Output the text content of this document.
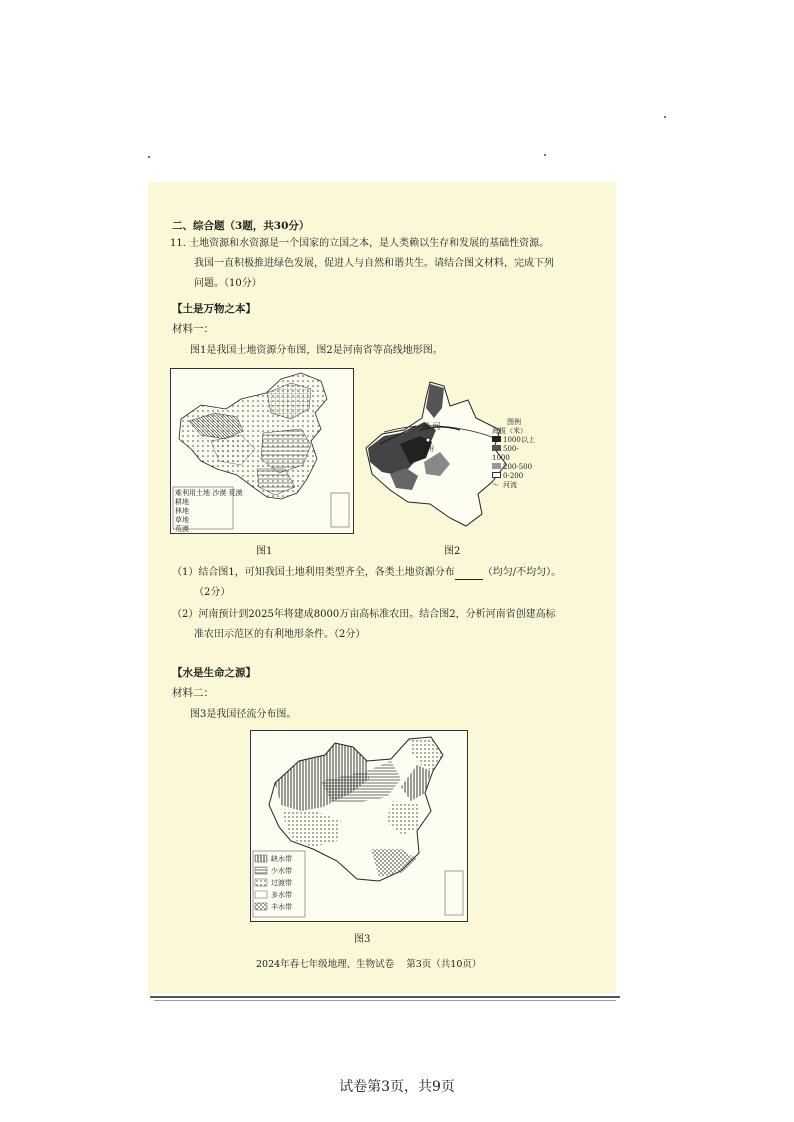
二、综合题（3题，共30分）
11. 土地资源和水资源是一个国家的立国之本，是人类赖以生存和发展的基础性资源。
我国一直积极推进绿色发展，促进人与自然和谐共生。请结合图文材料，完成下列
问题。（10分）
【土是万物之本】
材料一：
图1是我国土地资源分布图，图2是河南省等高线地形图。
难利用土地 沙漠 荒漠
耕地
林地
草地
荒漠
图1
黄 河
郑州
图例
海拔（米）
1000以上
500-1000
200-500
0-200
～ 河流
图2
（1）结合图1，可知我国土地利用类型齐全，各类土地资源分布	（均匀/不均匀）。
（2分）
（2）河南预计到2025年将建成8000万亩高标准农田。结合图2，分析河南省创建高标
准农田示范区的有利地形条件。（2分）
【水是生命之源】
材料二：
图3是我国径流分布图。
缺水带
少水带
过渡带
多水带
丰水带
图3
2024年春七年级地理、生物试卷    第3页（共10页）
试卷第3页，共9页
